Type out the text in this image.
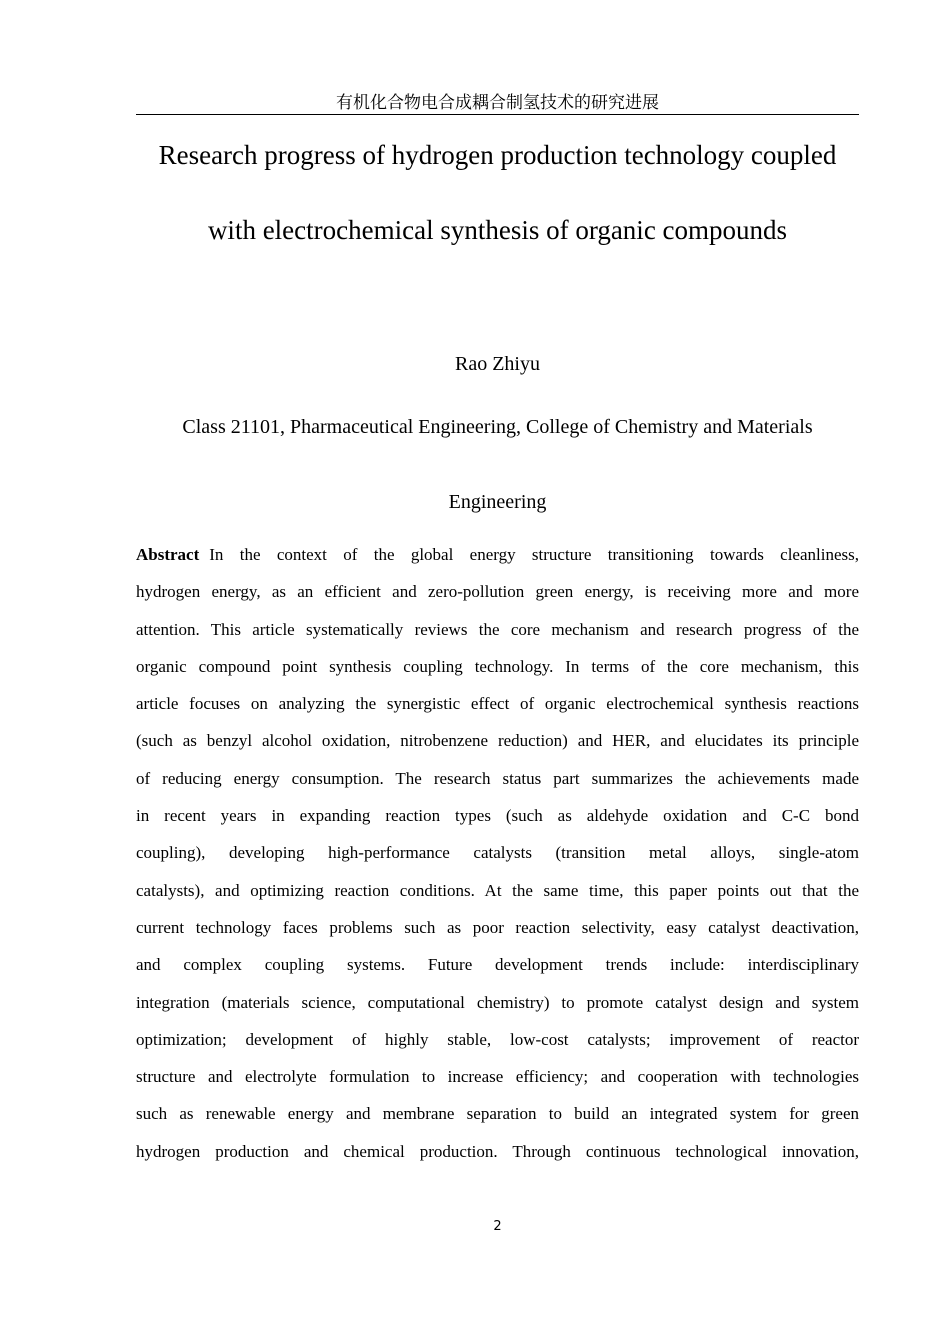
有机化合物电合成耦合制氢技术的研究进展
Research progress of hydrogen production technology coupled
with electrochemical synthesis of organic compounds
Rao Zhiyu
Class 21101, Pharmaceutical Engineering, College of Chemistry and Materials
Engineering
Abstract In the context of the global energy structure transitioning towards cleanliness,
hydrogen energy, as an efficient and zero-pollution green energy, is receiving more and more
attention. This article systematically reviews the core mechanism and research progress of the
organic compound point synthesis coupling technology. In terms of the core mechanism, this
article focuses on analyzing the synergistic effect of organic electrochemical synthesis reactions
(such as benzyl alcohol oxidation, nitrobenzene reduction) and HER, and elucidates its principle
of reducing energy consumption. The research status part summarizes the achievements made
in recent years in expanding reaction types (such as aldehyde oxidation and C-C bond
coupling), developing high-performance catalysts (transition metal alloys, single-atom
catalysts), and optimizing reaction conditions. At the same time, this paper points out that the
current technology faces problems such as poor reaction selectivity, easy catalyst deactivation,
and complex coupling systems. Future development trends include: interdisciplinary
integration (materials science, computational chemistry) to promote catalyst design and system
optimization; development of highly stable, low-cost catalysts; improvement of reactor
structure and electrolyte formulation to increase efficiency; and cooperation with technologies
such as renewable energy and membrane separation to build an integrated system for green
hydrogen production and chemical production. Through continuous technological innovation,
2
